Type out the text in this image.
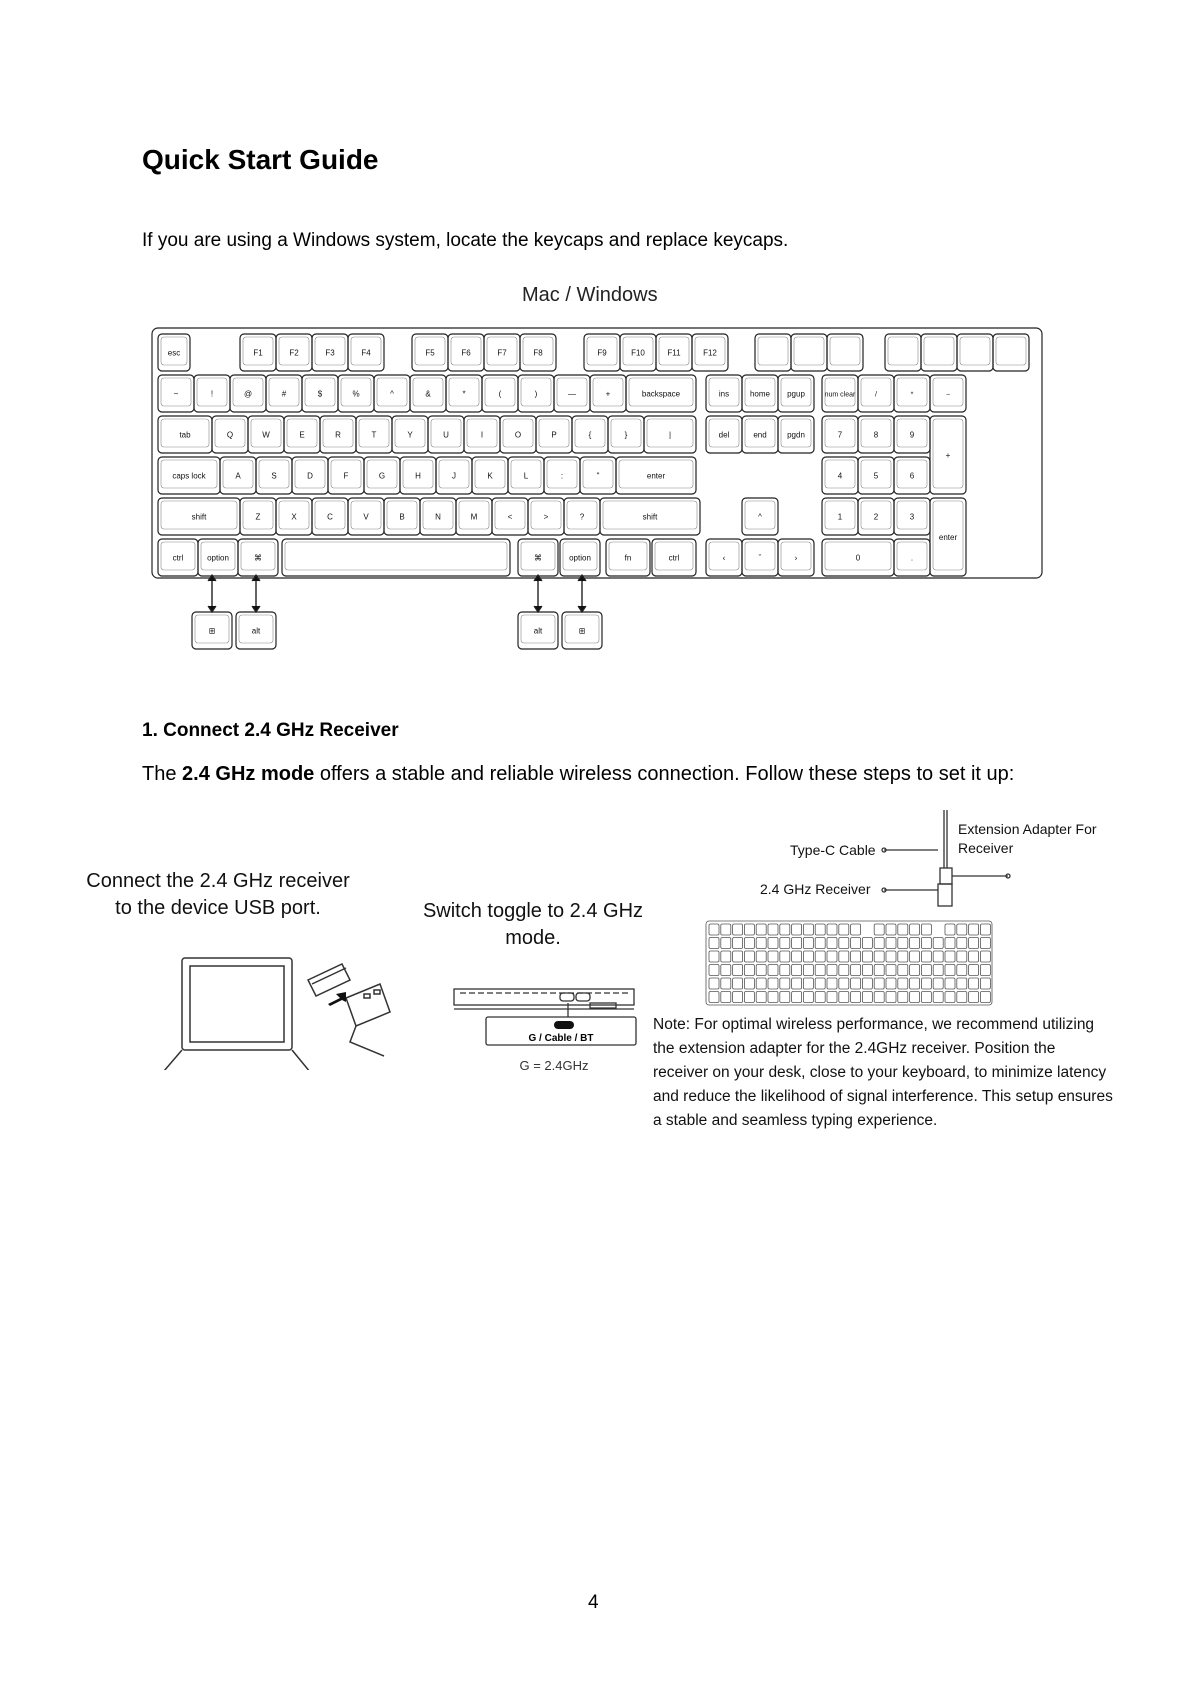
Quick Start Guide
If you are using a Windows system, locate the keycaps and replace keycaps.
Mac / Windows
esc	F1	F2	F3	F4	F5	F6	F7	F8	F9	F10	F11	F12
~	!	@	#	$	%	^	&	*	(	)	—	+	backspace
tab	Q	W	E	R	T	Y	U	I	O	P	{	}	|
caps lock	A	S	D	F	G	H	J	K	L	:	"	enter
shift	Z	X	C	V	B	N	M	<	>	?	shift
ctrl	option	⌘	⌘	option	fn	ctrl
ins	home pgup
del	end	pgdn
^
‹	ˇ	›
num clear	/	*	−
7	8	9
+
4	5	6
1	2	3
enter
0	.
⊞	alt	alt	⊞
1. Connect 2.4 GHz Receiver
The 2.4 GHz mode offers a stable and reliable wireless connection. Follow these steps to set it up:
Connect the 2.4 GHz receiver to the device USB port.	Switch toggle to 2.4 GHz mode.
G / Cable / BT
G = 2.4GHz
Extension Adapter For Receiver
Type-C Cable
2.4 GHz Receiver
Note: For optimal wireless performance, we recommend utilizing the extension adapter for the 2.4GHz receiver. Position the receiver on your desk, close to your keyboard, to minimize latency and reduce the likelihood of signal interference. This setup ensures a stable and seamless typing experience.
4
